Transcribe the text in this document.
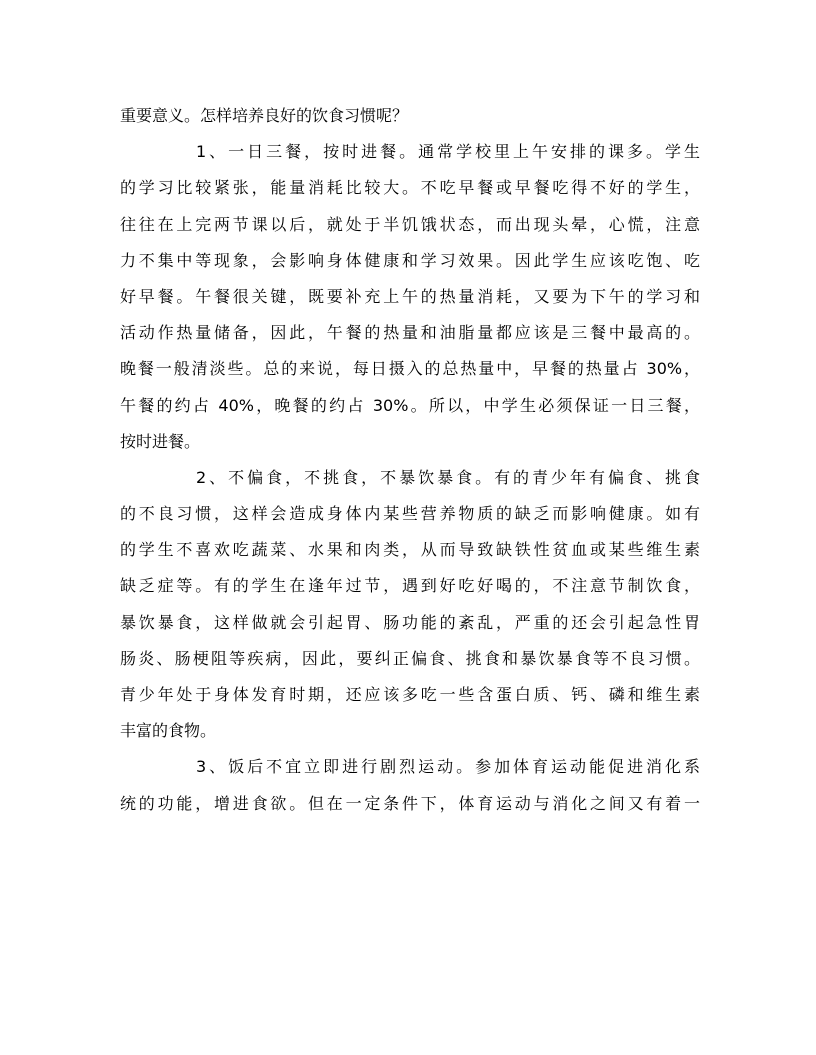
重要意义。怎样培养良好的饮食习惯呢？
1、一日三餐，按时进餐。通常学校里上午安排的课多。学生
的学习比较紧张，能量消耗比较大。不吃早餐或早餐吃得不好的学生，
往往在上完两节课以后，就处于半饥饿状态，而出现头晕，心慌，注意
力不集中等现象，会影响身体健康和学习效果。因此学生应该吃饱、吃
好早餐。午餐很关键，既要补充上午的热量消耗，又要为下午的学习和
活动作热量储备，因此，午餐的热量和油脂量都应该是三餐中最高的。
晚餐一般清淡些。总的来说，每日摄入的总热量中，早餐的热量占 30%，
午餐的约占 40%，晚餐的约占 30%。所以，中学生必须保证一日三餐，
按时进餐。
2、不偏食，不挑食，不暴饮暴食。有的青少年有偏食、挑食
的不良习惯，这样会造成身体内某些营养物质的缺乏而影响健康。如有
的学生不喜欢吃蔬菜、水果和肉类，从而导致缺铁性贫血或某些维生素
缺乏症等。有的学生在逢年过节，遇到好吃好喝的，不注意节制饮食，
暴饮暴食，这样做就会引起胃、肠功能的紊乱，严重的还会引起急性胃
肠炎、肠梗阻等疾病，因此，要纠正偏食、挑食和暴饮暴食等不良习惯。
青少年处于身体发育时期，还应该多吃一些含蛋白质、钙、磷和维生素
丰富的食物。
3、饭后不宜立即进行剧烈运动。参加体育运动能促进消化系
统的功能，增进食欲。但在一定条件下，体育运动与消化之间又有着一
